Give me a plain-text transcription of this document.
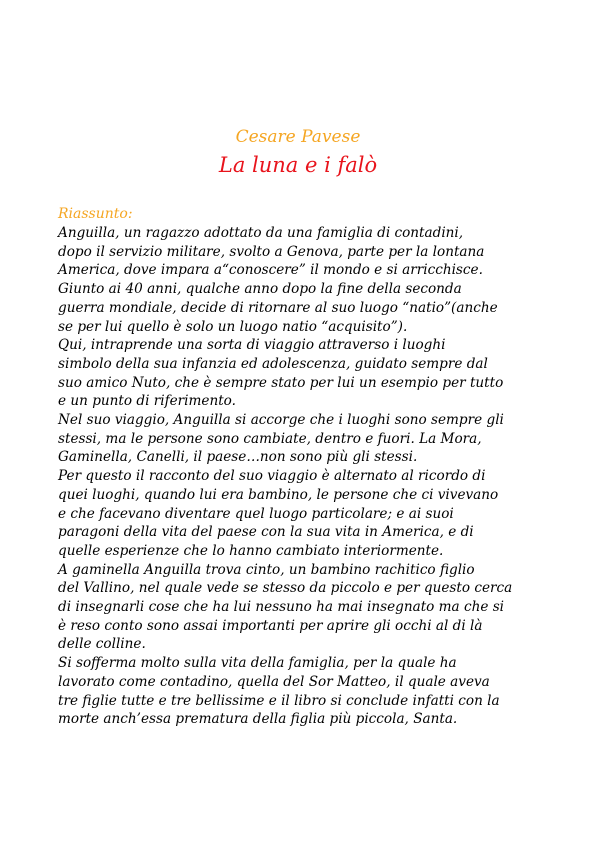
Cesare Pavese
La luna e i falò
Riassunto:
Anguilla, un ragazzo adottato da una famiglia di contadini,
dopo il servizio militare, svolto a Genova, parte per la lontana
America, dove impara a“conoscere” il mondo e si arricchisce.
Giunto ai 40 anni, qualche anno dopo la fine della seconda
guerra mondiale, decide di ritornare al suo luogo “natio”(anche
se per lui quello è solo un luogo natio “acquisito”).
Qui, intraprende una sorta di viaggio attraverso i luoghi
simbolo della sua infanzia ed adolescenza, guidato sempre dal
suo amico Nuto, che è sempre stato per lui un esempio per tutto
e un punto di riferimento.
Nel suo viaggio, Anguilla si accorge che i luoghi sono sempre gli
stessi, ma le persone sono cambiate, dentro e fuori. La Mora,
Gaminella, Canelli, il paese…non sono più gli stessi.
Per questo il racconto del suo viaggio è alternato al ricordo di
quei luoghi, quando lui era bambino, le persone che ci vivevano
e che facevano diventare quel luogo particolare; e ai suoi
paragoni della vita del paese con la sua vita in America, e di
quelle esperienze che lo hanno cambiato interiormente.
A gaminella Anguilla trova cinto, un bambino rachitico figlio
del Vallino, nel quale vede se stesso da piccolo e per questo cerca
di insegnarli cose che ha lui nessuno ha mai insegnato ma che si
è reso conto sono assai importanti per aprire gli occhi al di là
delle colline.
Si sofferma molto sulla vita della famiglia, per la quale ha
lavorato come contadino, quella del Sor Matteo, il quale aveva
tre figlie tutte e tre bellissime e il libro si conclude infatti con la
morte anch’essa prematura della figlia più piccola, Santa.
